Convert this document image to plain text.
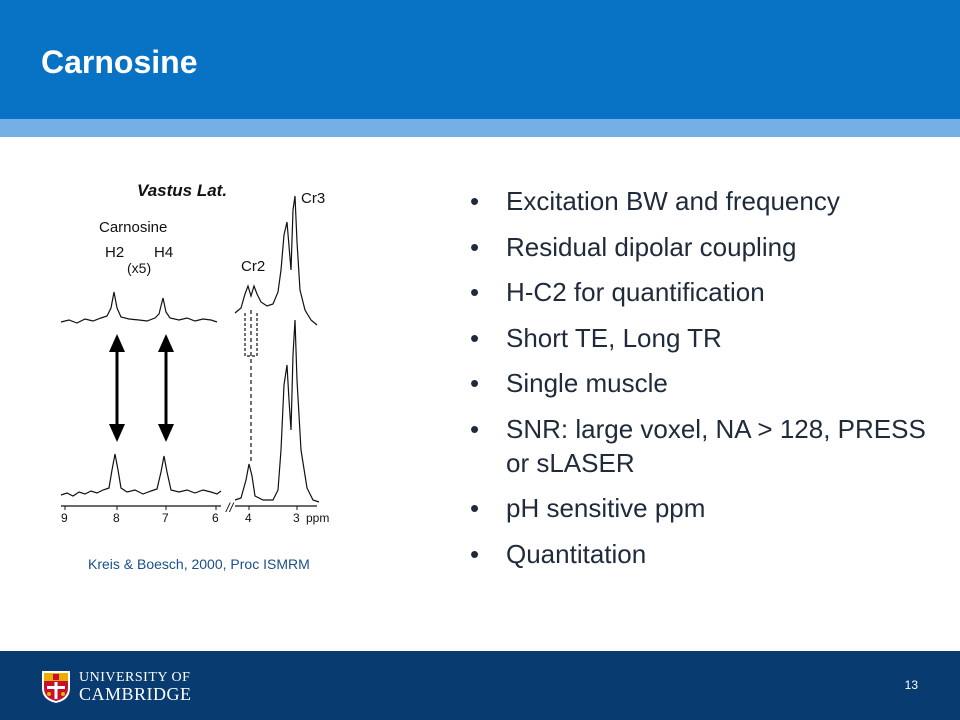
Carnosine
Vastus Lat.
Carnosine
H2 H4
(x5)	Cr2
Cr3
9	8	7	6
//
4	3 ppm
Kreis & Boesch, 2000, Proc ISMRM
• Excitation BW and frequency
• Residual dipolar coupling
• H-C2 for quantification
• Short TE, Long TR
• Single muscle
• SNR: large voxel, NA > 128, PRESS or sLASER
• pH sensitive ppm
• Quantitation
UNIVERSITY OF
CAMBRIDGE	13
